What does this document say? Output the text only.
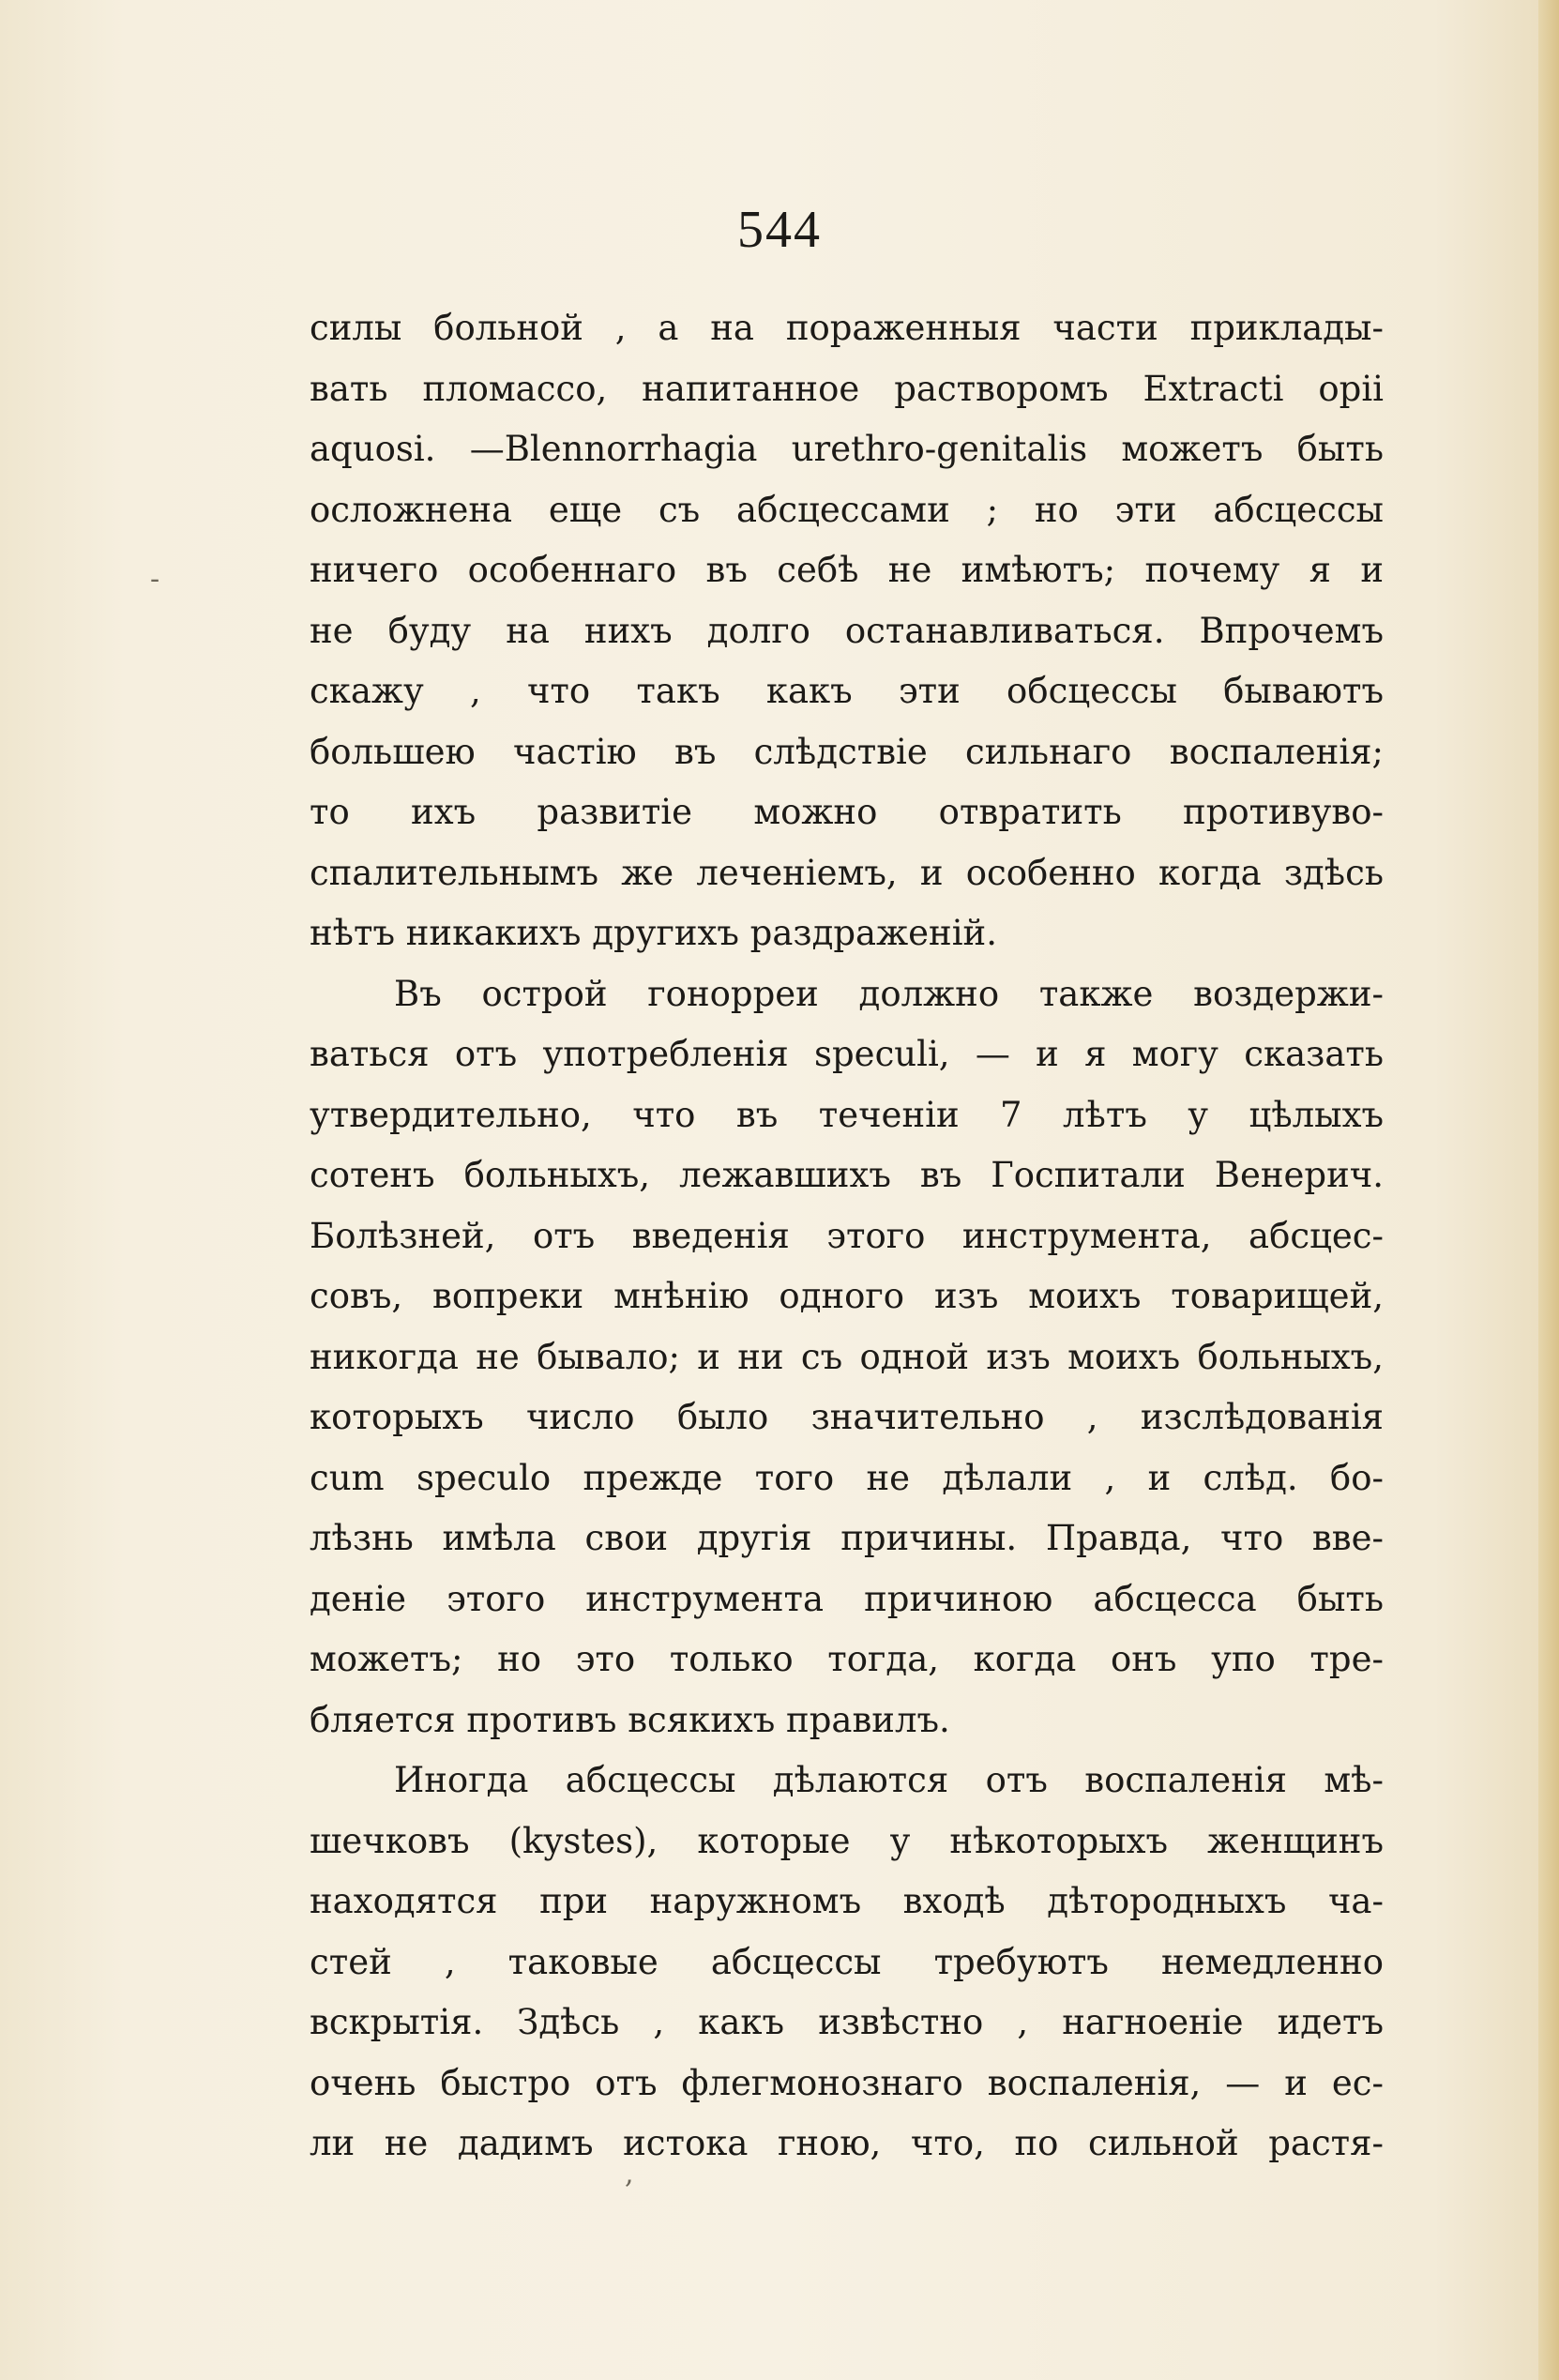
544
силы больной , а на пораженныя части приклады-
вать пломассо, напитанное растворомъ Extracti opii
aquosi. —Blennorrhagia urethro-genitalis можетъ быть
осложнена еще съ абсцессами ; но эти абсцессы
ничего особеннаго въ себѣ не имѣютъ; почему я и
не буду на нихъ долго останавливаться. Впрочемъ
скажу , что такъ какъ эти обсцессы бываютъ
большею частію въ слѣдствіе сильнаго воспаленія;
то ихъ развитіе можно отвратить противуво-
спалительнымъ же леченіемъ, и особенно когда здѣсь
нѣтъ никакихъ другихъ раздраженій.
Въ острой гонорреи должно также воздержи-
ваться отъ употребленія speculi, — и я могу сказать
утвердительно, что въ теченіи 7 лѣтъ у цѣлыхъ
сотенъ больныхъ, лежавшихъ въ Госпитали Венерич.
Болѣзней, отъ введенія этого инструмента, абсцес-
совъ, вопреки мнѣнію одного изъ моихъ товарищей,
никогда не бывало; и ни съ одной изъ моихъ больныхъ,
которыхъ число было значительно , изслѣдованія
cum speculo прежде того не дѣлали , и слѣд. бо-
лѣзнь имѣла свои другія причины. Правда, что вве-
деніе этого инструмента причиною абсцесса быть
можетъ; но это только тогда, когда онъ упо тре-
бляется противъ всякихъ правилъ.
Иногда абсцессы дѣлаются отъ воспаленія мѣ-
шечковъ (kystes), которые у нѣкоторыхъ женщинъ
находятся при наружномъ входѣ дѣтородныхъ ча-
стей , таковые абсцессы требуютъ немедленно
вскрытія. Здѣсь , какъ извѣстно , нагноеніе идетъ
очень быстро отъ флегмонознаго воспаленія, — и ес-
ли не дадимъ истока гною, что, по сильной растя-
-
,
